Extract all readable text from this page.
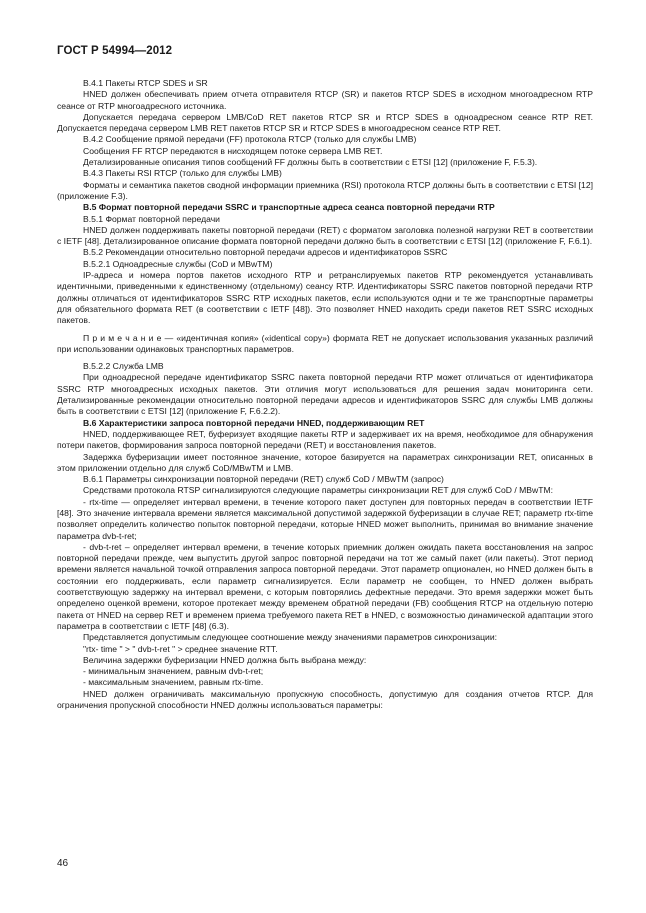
ГОСТ Р 54994—2012

B.4.1 Пакеты RTCP SDES и SR

HNED должен обеспечивать прием отчета отправителя RTCP (SR) и пакетов RTCP SDES в исходном многоадресном RTP сеансе от RTP многоадресного источника.

Допускается передача сервером LMB/CoD RET пакетов RTCP SR и RTCP SDES в одноадресном сеансе RTP RET. Допускается передача сервером LMB RET пакетов RTCP SR и RTCP SDES в многоадресном сеансе RTP RET.

B.4.2 Сообщение прямой передачи (FF) протокола RTCP (только для службы LMB)

Сообщения FF RTCP передаются в нисходящем потоке сервера LMB RET.

Детализированные описания типов сообщений FF должны быть в соответствии с ETSI [12] (приложение F, F.5.3).

B.4.3 Пакеты RSI RTCP (только для службы LMB)

Форматы и семантика пакетов сводной информации приемника (RSI) протокола RTCP должны быть в соответствии с ETSI [12] (приложение F.3).

B.5 Формат повторной передачи SSRC и транспортные адреса сеанса повторной передачи RTP

B.5.1 Формат повторной передачи

HNED должен поддерживать пакеты повторной передачи (RET) с форматом заголовка полезной нагрузки RET в соответствии с IETF [48]. Детализированное описание формата повторной передачи должно быть в соответствии с ETSI [12] (приложение F, F.6.1).

B.5.2 Рекомендации относительно повторной передачи адресов и идентификаторов SSRC

B.5.2.1 Одноадресные службы (CoD и MBwTM)

IP-адреса и номера портов пакетов исходного RTP и ретранслируемых пакетов RTP рекомендуется устанавливать идентичными, приведенными к единственному (отдельному) сеансу RTP. Идентификаторы SSRC пакетов повторной передачи RTP должны отличаться от идентификаторов SSRC RTP исходных пакетов, если используются одни и те же транспортные параметры для обязательного формата RET (в соответствии с IETF [48]). Это позволяет HNED находить среди пакетов RET SSRC исходных пакетов.

П р и м е ч а н и е — «идентичная копия» («identical copy») формата RET не допускает использования указанных различий при использовании одинаковых транспортных параметров.

B.5.2.2 Служба LMB

При одноадресной передаче идентификатор SSRC пакета повторной передачи RTP может отличаться от идентификатора SSRC RTP многоадресных исходных пакетов. Эти отличия могут использоваться для решения задач мониторинга сети. Детализированные рекомендации относительно повторной передачи адресов и идентификаторов SSRC для службы LMB должны быть в соответствии с ETSI [12] (приложение F, F.6.2.2).

B.6 Характеристики запроса повторной передачи HNED, поддерживающим RET

HNED, поддерживающее RET, буферизует входящие пакеты RTP и задерживает их на время, необходимое для обнаружения потери пакетов, формирования запроса повторной передачи (RET) и восстановления пакетов.

Задержка буферизации имеет постоянное значение, которое базируется на параметрах синхронизации RET, описанных в этом приложении отдельно для служб CoD/MBwTM и LMB.

B.6.1 Параметры синхронизации повторной передачи (RET) служб CoD / MBwTM (запрос)

Средствами протокола RTSP сигнализируются следующие параметры синхронизации RET для служб CoD / MBwTM:

- rtx-time — определяет интервал времени, в течение которого пакет доступен для повторных передач в соответствии IETF [48]. Это значение интервала времени является максимальной допустимой задержкой буферизации в случае RET; параметр rtx-time позволяет определить количество попыток повторной передачи, которые HNED может выполнить, принимая во внимание значение параметра dvb-t-ret;

- dvb-t-ret – определяет интервал времени, в течение которых приемник должен ожидать пакета восстановления на запрос повторной передачи прежде, чем выпустить другой запрос повторной передачи на тот же самый пакет (или пакеты). Этот период времени является начальной точкой отправления запроса повторной передачи. Этот параметр опционален, но HNED должен быть в состоянии его поддерживать, если параметр сигнализируется. Если параметр не сообщен, то HNED должен выбрать соответствующую задержку на интервал времени, с которым повторялись дефектные передачи. Это время задержки может быть определено оценкой времени, которое протекает между временем обратной передачи (FB) сообщения RTCP на отдельную потерю пакета от HNED на сервер RET и временем приема требуемого пакета RET в HNED, с возможностью динамической адаптации этого параметра в соответствии с IETF [48] (6.3).

Представляется допустимым следующее соотношение между значениями параметров синхронизации:

"rtx- time " > " dvb-t-ret " > среднее значение RTT.

Величина задержки буферизации HNED должна быть выбрана между:

- минимальным значением, равным dvb-t-ret;

- максимальным значением, равным rtx-time.

HNED должен ограничивать максимальную пропускную способность, допустимую для создания отчетов RTCP. Для ограничения пропускной способности HNED должны использоваться параметры:

46
